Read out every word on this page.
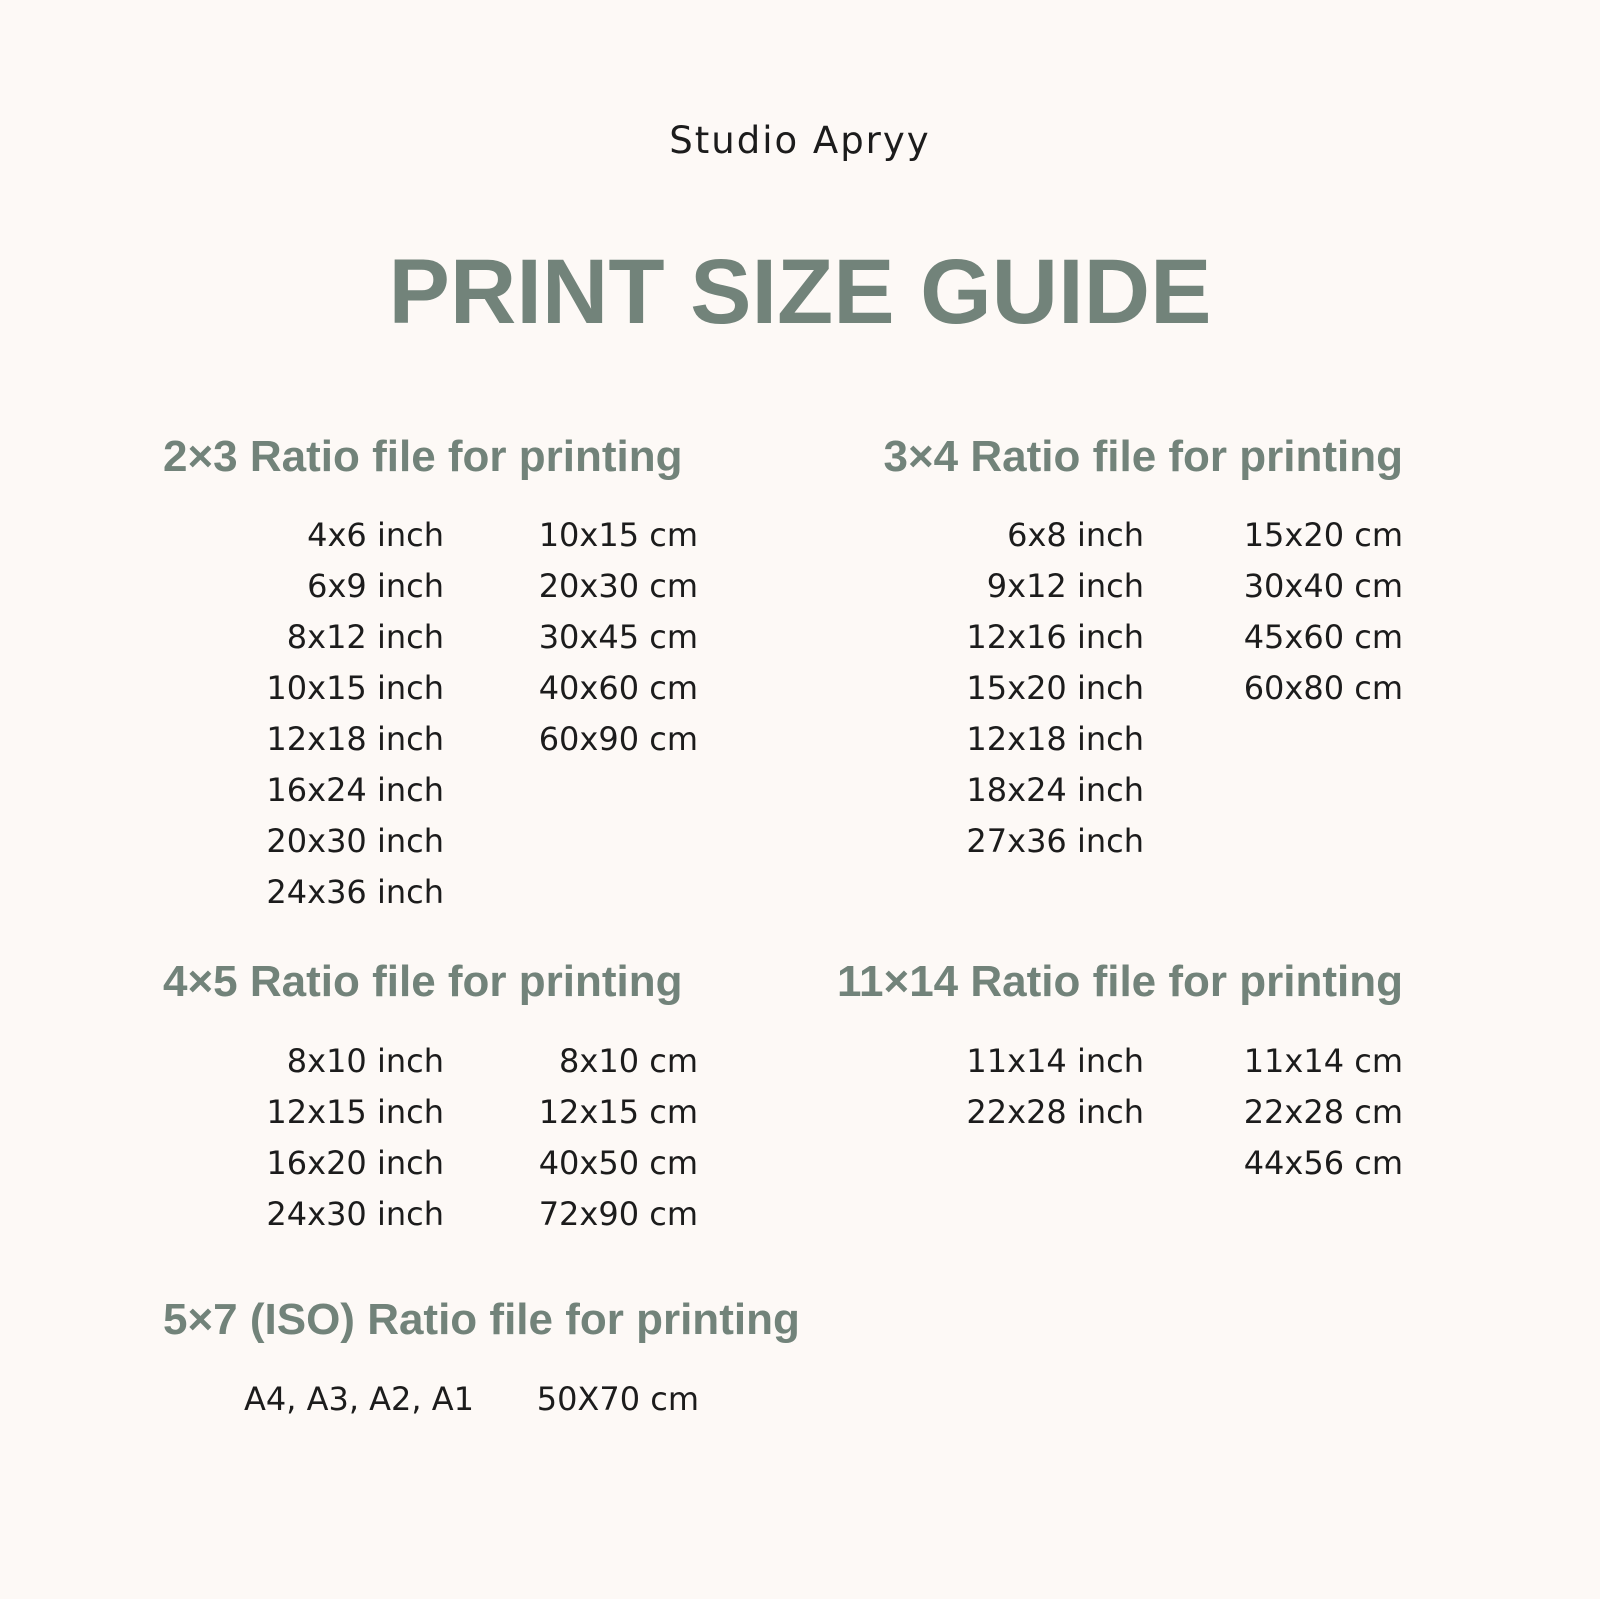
Studio Apryy
PRINT SIZE GUIDE
2×3 Ratio file for printing
4x6 inch
6x9 inch
8x12 inch
10x15 inch
12x18 inch
16x24 inch
20x30 inch
24x36 inch
10x15 cm
20x30 cm
30x45 cm
40x60 cm
60x90 cm
3×4 Ratio file for printing
6x8 inch
9x12 inch
12x16 inch
15x20 inch
12x18 inch
18x24 inch
27x36 inch
15x20 cm
30x40 cm
45x60 cm
60x80 cm
4×5 Ratio file for printing
8x10 inch
12x15 inch
16x20 inch
24x30 inch
8x10 cm
12x15 cm
40x50 cm
72x90 cm
11×14 Ratio file for printing
11x14 inch
22x28 inch
11x14 cm
22x28 cm
44x56 cm
5×7 (ISO) Ratio file for printing
A4, A3, A2, A1 50X70 cm
